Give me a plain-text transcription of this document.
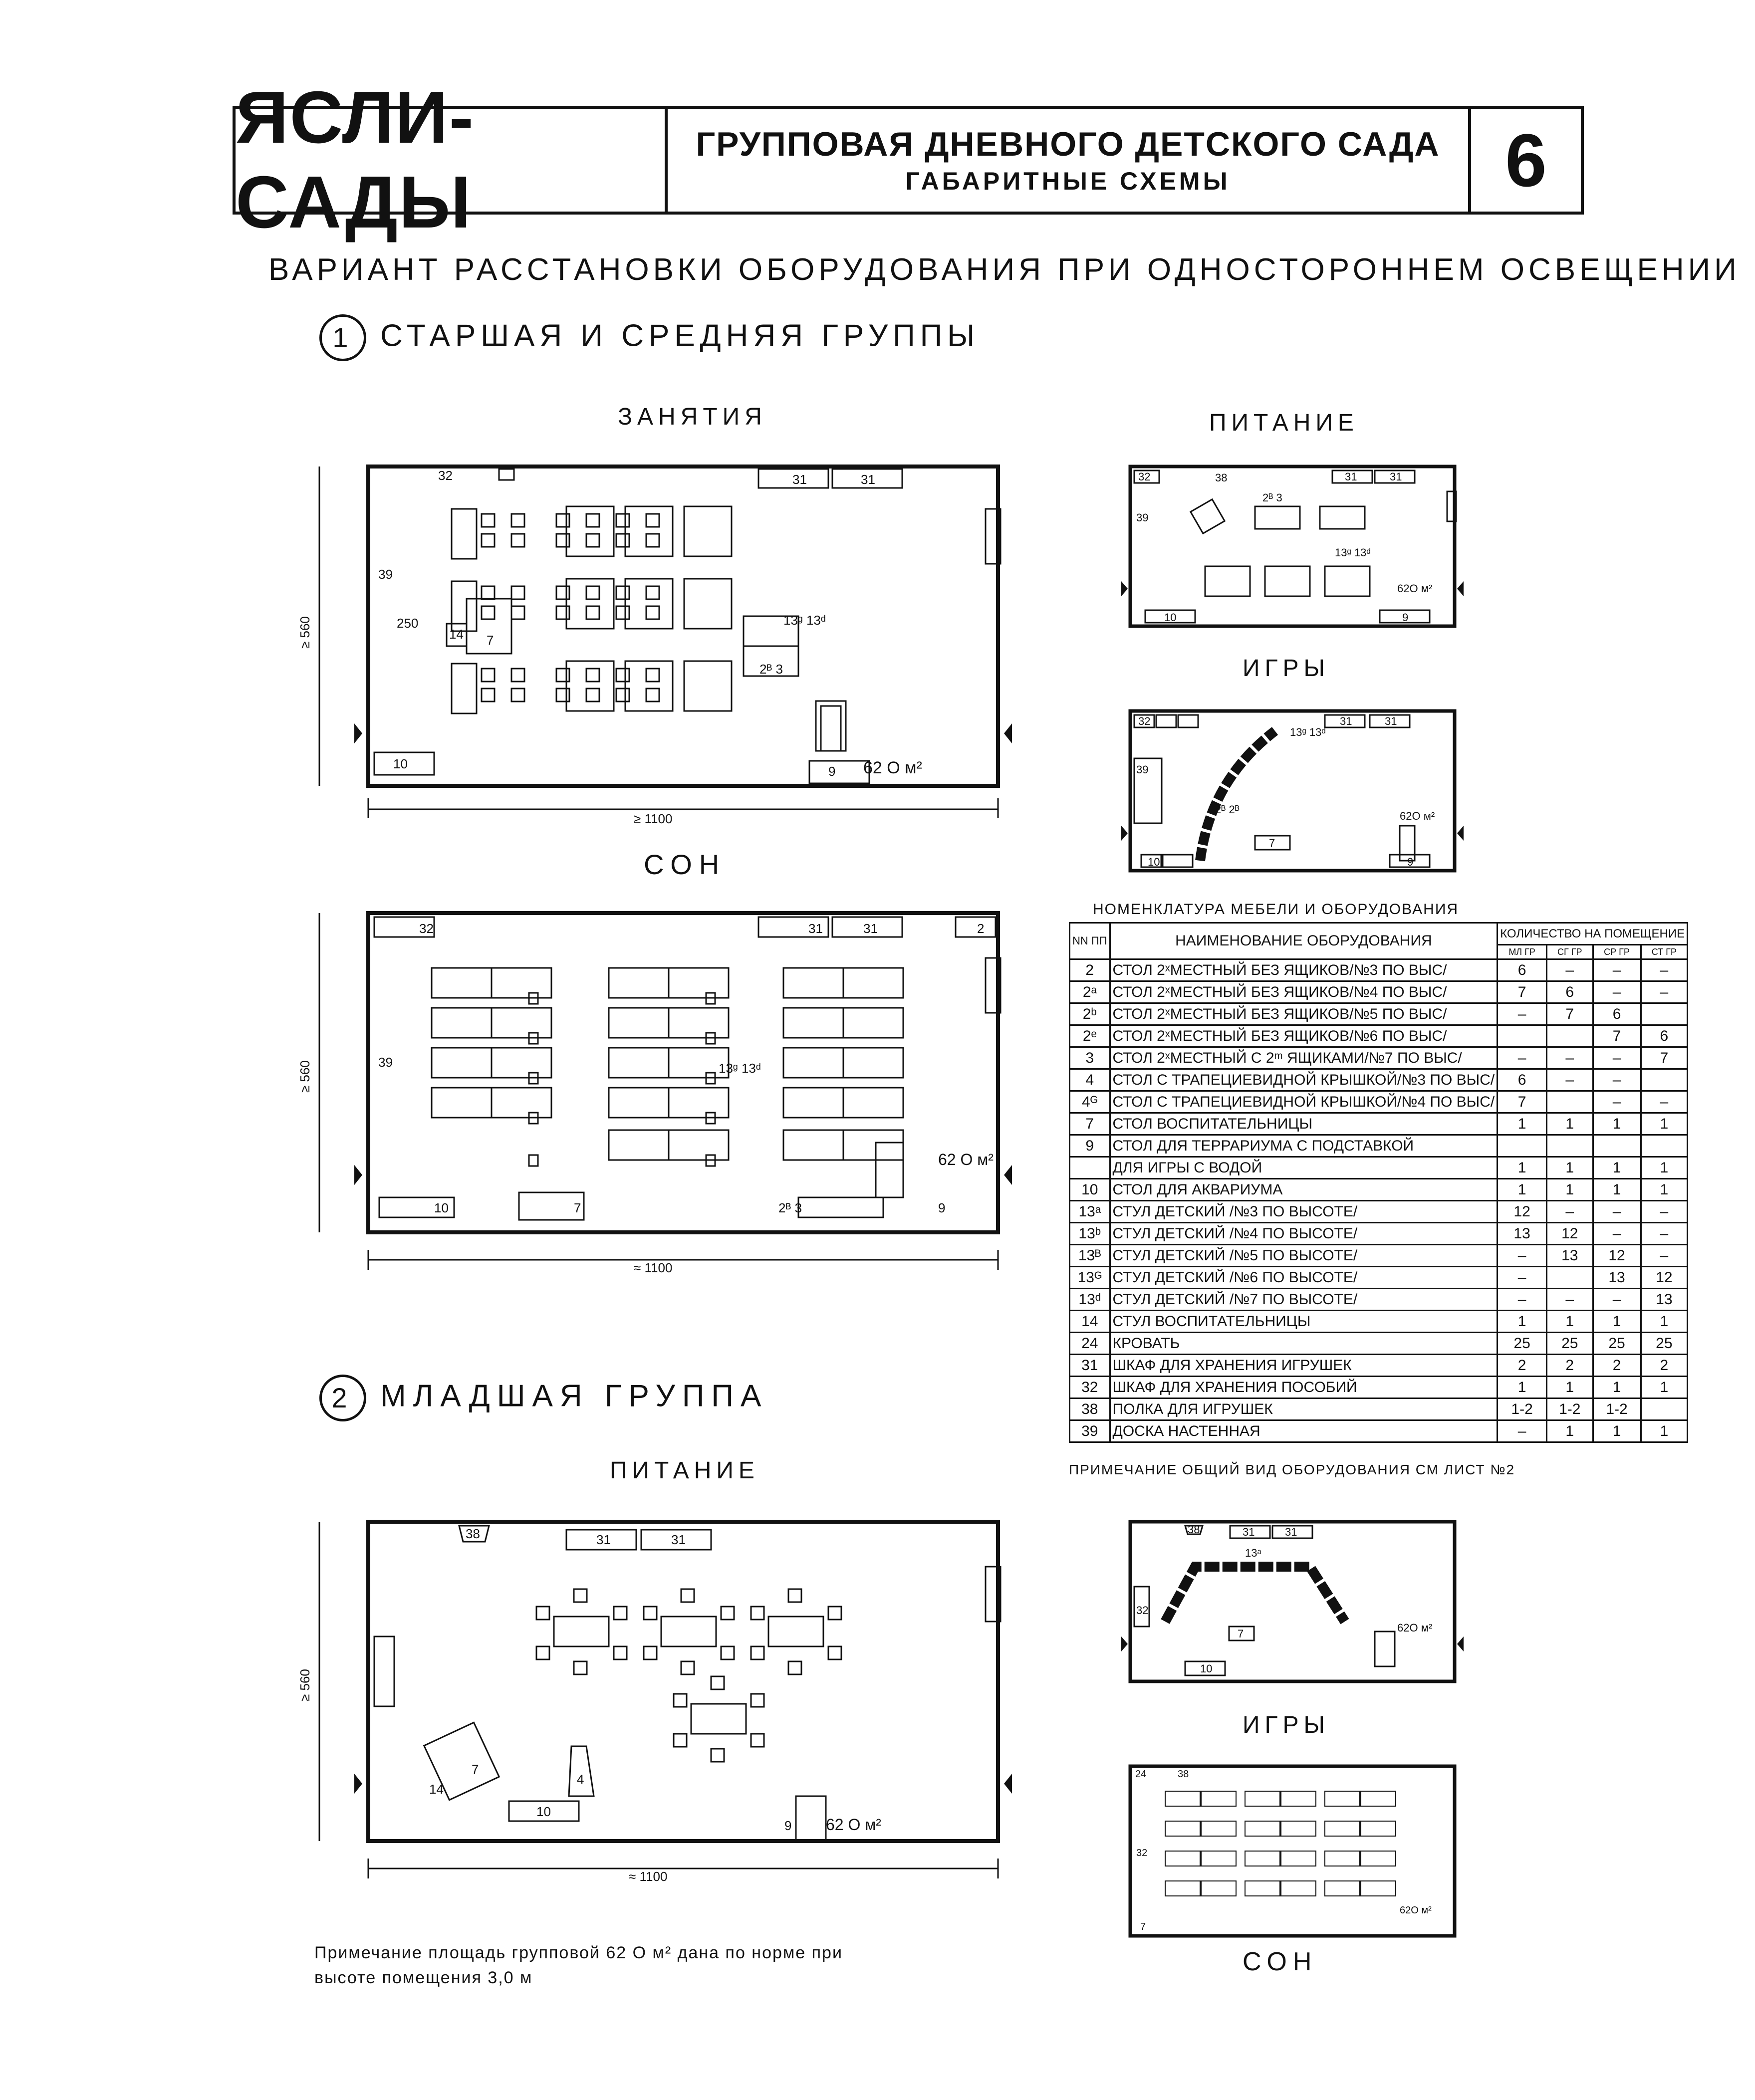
ЯСЛИ-САДЫ
ГРУППОВАЯ ДНЕВНОГО ДЕТСКОГО САДА
ГАБАРИТНЫЕ СХЕМЫ	6
ВАРИАНТ РАССТАНОВКИ ОБОРУДОВАНИЯ ПРИ ОДНОСТОРОННЕМ ОСВЕЩЕНИИ
1 СТАРШАЯ И СРЕДНЯЯ ГРУППЫ
2 МЛАДШАЯ ГРУППА
ЗАНЯТИЯ	ПИТАНИЕ
ИГРЫ
СОН
ПИТАНИЕ
ИГРЫ
СОН
32	31	31
39
10	9
7
14
250	13ᵍ 13ᵈ
2ᴮ 3
62 О м²
≥ 1100
≥ 560
32	38	31	31
39
10	9
62О м²
13ᵍ 13ᵈ
2ᴮ 3
32	31	31
39
13ᵍ 13ᵈ
2ᴮ 2ᴮ
7
62О м²
10	9
32	31	31	2
39
10	9
7
13ᵍ 13ᵈ
2ᴮ 3
62 О м²
≈ 1100
≥ 560
38	31	31
7
14
4
10
9 62 О м²
≈ 1100
≥ 560
38	31	31
13ᵃ
32
7
10
62О м²
24	38
32
7
62О м²
НОМЕНКЛАТУРА МЕБЕЛИ И ОБОРУДОВАНИЯ
NN ПП	НАИМЕНОВАНИЕ ОБОРУДОВАНИЯ	КОЛИЧЕСТВО НА ПОМЕЩЕНИЕ			
		МЛ ГР	СГ ГР	СР ГР	СТ ГР
2	СТОЛ 2ˣМЕСТНЫЙ БЕЗ ЯЩИКОВ/№3 ПО ВЫС/	6	–	–	–
2ᵃ	СТОЛ 2ˣМЕСТНЫЙ БЕЗ ЯЩИКОВ/№4 ПО ВЫС/	7	6	–	–
2ᵇ	СТОЛ 2ˣМЕСТНЫЙ БЕЗ ЯЩИКОВ/№5 ПО ВЫС/	–	7	6	
2ᵉ	СТОЛ 2ˣМЕСТНЫЙ БЕЗ ЯЩИКОВ/№6 ПО ВЫС/			7	6
3	СТОЛ 2ˣМЕСТНЫЙ С 2ᵐ ЯЩИКАМИ/№7 ПО ВЫС/	–	–	–	7
4	СТОЛ С ТРАПЕЦИЕВИДНОЙ КРЫШКОЙ/№3 ПО ВЫС/	6	–	–	
4ᴳ	СТОЛ С ТРАПЕЦИЕВИДНОЙ КРЫШКОЙ/№4 ПО ВЫС/	7		–	–
7	СТОЛ ВОСПИТАТЕЛЬНИЦЫ	1	1	1	1
9	СТОЛ ДЛЯ ТЕРРАРИУМА С ПОДСТАВКОЙ				
	ДЛЯ ИГРЫ С ВОДОЙ	1	1	1	1
10	СТОЛ ДЛЯ АКВАРИУМА	1	1	1	1
13ᵃ	СТУЛ ДЕТСКИЙ /№3 ПО ВЫСОТЕ/	12	–	–	–
13ᵇ	СТУЛ ДЕТСКИЙ /№4 ПО ВЫСОТЕ/	13	12	–	–
13ᴮ	СТУЛ ДЕТСКИЙ /№5 ПО ВЫСОТЕ/	–	13	12	–
13ᴳ	СТУЛ ДЕТСКИЙ /№6 ПО ВЫСОТЕ/	–		13	12
13ᵈ	СТУЛ ДЕТСКИЙ /№7 ПО ВЫСОТЕ/	–	–	–	13
14	СТУЛ ВОСПИТАТЕЛЬНИЦЫ	1	1	1	1
24	КРОВАТЬ	25	25	25	25
31	ШКАФ ДЛЯ ХРАНЕНИЯ ИГРУШЕК	2	2	2	2
32	ШКАФ ДЛЯ ХРАНЕНИЯ ПОСОБИЙ	1	1	1	1
38	ПОЛКА ДЛЯ ИГРУШЕК	1-2	1-2	1-2	
39	ДОСКА НАСТЕННАЯ	–	1	1	1
ПРИМЕЧАНИЕ ОБЩИЙ ВИД ОБОРУДОВАНИЯ СМ ЛИСТ №2
Примечание площадь групповой 62 О м² дана по норме при
высоте помещения 3,0 м
